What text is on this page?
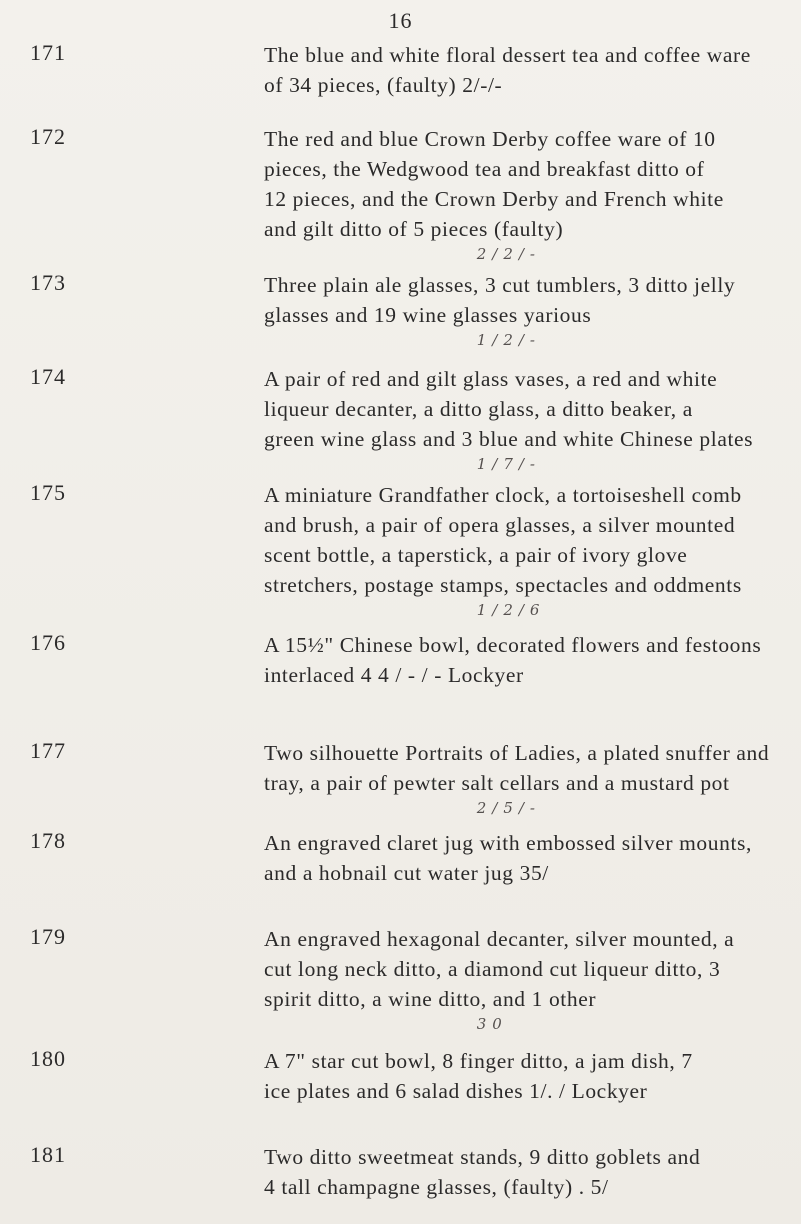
16
171	The blue and white floral dessert tea and coffee ware
of 34 pieces, (faulty) 2/-/-
172	The red and blue Crown Derby coffee ware of 10
pieces, the Wedgwood tea and breakfast ditto of
12 pieces, and the Crown Derby and French white
and gilt ditto of 5 pieces (faulty)
2 / 2 / -
173	Three plain ale glasses, 3 cut tumblers, 3 ditto jelly
glasses and 19 wine glasses yarious
1 / 2 / -
174	A pair of red and gilt glass vases, a red and white
liqueur decanter, a ditto glass, a ditto beaker, a
green wine glass and 3 blue and white Chinese plates
1 / 7 / -
175	A miniature Grandfather clock, a tortoiseshell comb
and brush, a pair of opera glasses, a silver mounted
scent bottle, a taperstick, a pair of ivory glove
stretchers, postage stamps, spectacles and oddments
1 / 2 / 6
176	A 15½" Chinese bowl, decorated flowers and festoons
interlaced 4 4 / - / - Lockyer
177	Two silhouette Portraits of Ladies, a plated snuffer and
tray, a pair of pewter salt cellars and a mustard pot
2 / 5 / -
178	An engraved claret jug with embossed silver mounts,
and a hobnail cut water jug 35/
179	An engraved hexagonal decanter, silver mounted, a
cut long neck ditto, a diamond cut liqueur ditto, 3
spirit ditto, a wine ditto, and 1 other
3 0
180	A 7" star cut bowl, 8 finger ditto, a jam dish, 7
ice plates and 6 salad dishes 1/. / Lockyer
181	Two ditto sweetmeat stands, 9 ditto goblets and
4 tall champagne glasses, (faulty) . 5/
